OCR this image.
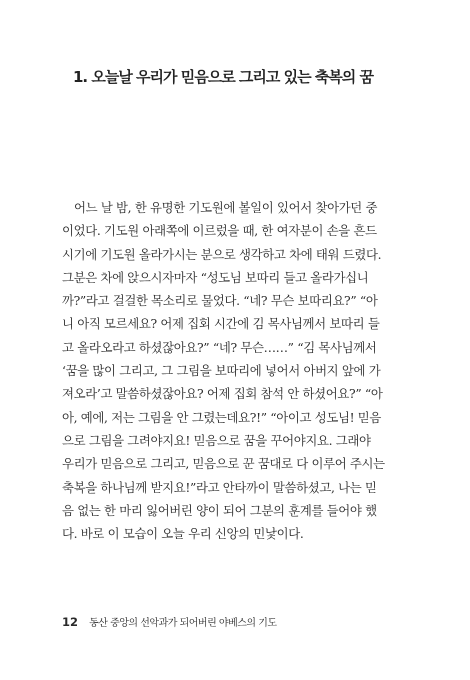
1. 오늘날 우리가 믿음으로 그리고 있는 축복의 꿈
어느 날 밤, 한 유명한 기도원에 볼일이 있어서 찾아가던 중
이었다. 기도원 아래쪽에 이르렀을 때, 한 여자분이 손을 흔드
시기에 기도원 올라가시는 분으로 생각하고 차에 태워 드렸다.
그분은 차에 앉으시자마자 “성도님 보따리 들고 올라가십니
까?”라고 걸걸한 목소리로 물었다. “네? 무슨 보따리요?” “아
니 아직 모르세요? 어제 집회 시간에 김 목사님께서 보따리 들
고 올라오라고 하셨잖아요?” “네? 무슨……” “김 목사님께서
‘꿈을 많이 그리고, 그 그림을 보따리에 넣어서 아버지 앞에 가
져오라’고 말씀하셨잖아요? 어제 집회 참석 안 하셨어요?” “아
아, 예에, 저는 그림을 안 그렸는데요?!” “아이고 성도님! 믿음
으로 그림을 그려야지요! 믿음으로 꿈을 꾸어야지요. 그래야
우리가 믿음으로 그리고, 믿음으로 꾼 꿈대로 다 이루어 주시는
축복을 하나님께 받지요!”라고 안타까이 말씀하셨고, 나는 믿
음 없는 한 마리 잃어버린 양이 되어 그분의 훈계를 들어야 했
다. 바로 이 모습이 오늘 우리 신앙의 민낯이다.
12 동산 중앙의 선악과가 되어버린 야베스의 기도
